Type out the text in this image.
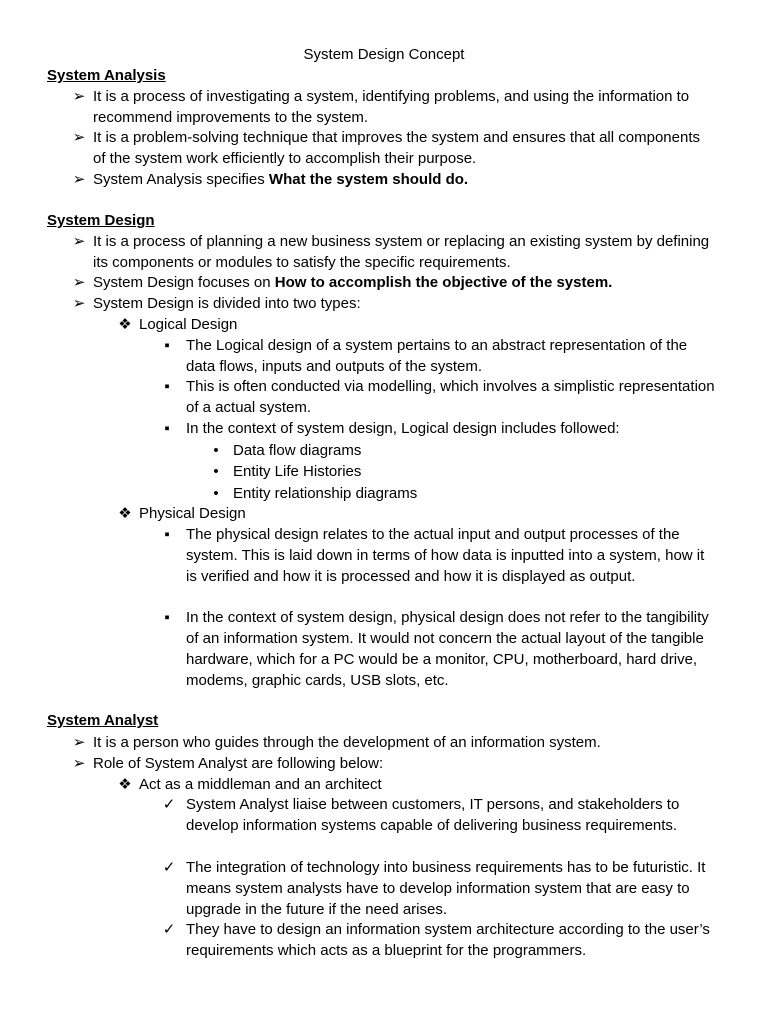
System Design Concept
System Analysis
➢ It is a process of investigating a system, identifying problems, and using the information to recommend improvements to the system.
➢ It is a problem-solving technique that improves the system and ensures that all components of the system work efficiently to accomplish their purpose.
➢ System Analysis specifies What the system should do.
System Design
➢ It is a process of planning a new business system or replacing an existing system by defining its components or modules to satisfy the specific requirements.
➢ System Design focuses on How to accomplish the objective of the system.
➢ System Design is divided into two types:
❖ Logical Design
▪	The Logical design of a system pertains to an abstract representation of the data flows, inputs and outputs of the system.
▪	This is often conducted via modelling, which involves a simplistic representation of a actual system.
▪	In the context of system design, Logical design includes followed:
• Data flow diagrams
• Entity Life Histories
• Entity relationship diagrams
❖ Physical Design
▪	The physical design relates to the actual input and output processes of the system. This is laid down in terms of how data is inputted into a system, how it is verified and how it is processed and how it is displayed as output.
▪	In the context of system design, physical design does not refer to the tangibility of an information system. It would not concern the actual layout of the tangible hardware, which for a PC would be a monitor, CPU, motherboard, hard drive, modems, graphic cards, USB slots, etc.
System Analyst
➢ It is a person who guides through the development of an information system.
➢ Role of System Analyst are following below:
❖ Act as a middleman and an architect
✓ System Analyst liaise between customers, IT persons, and stakeholders to develop information systems capable of delivering business requirements.
✓ The integration of technology into business requirements has to be futuristic. It means system analysts have to develop information system that are easy to upgrade in the future if the need arises.
✓ They have to design an information system architecture according to the user’s requirements which acts as a blueprint for the programmers.
